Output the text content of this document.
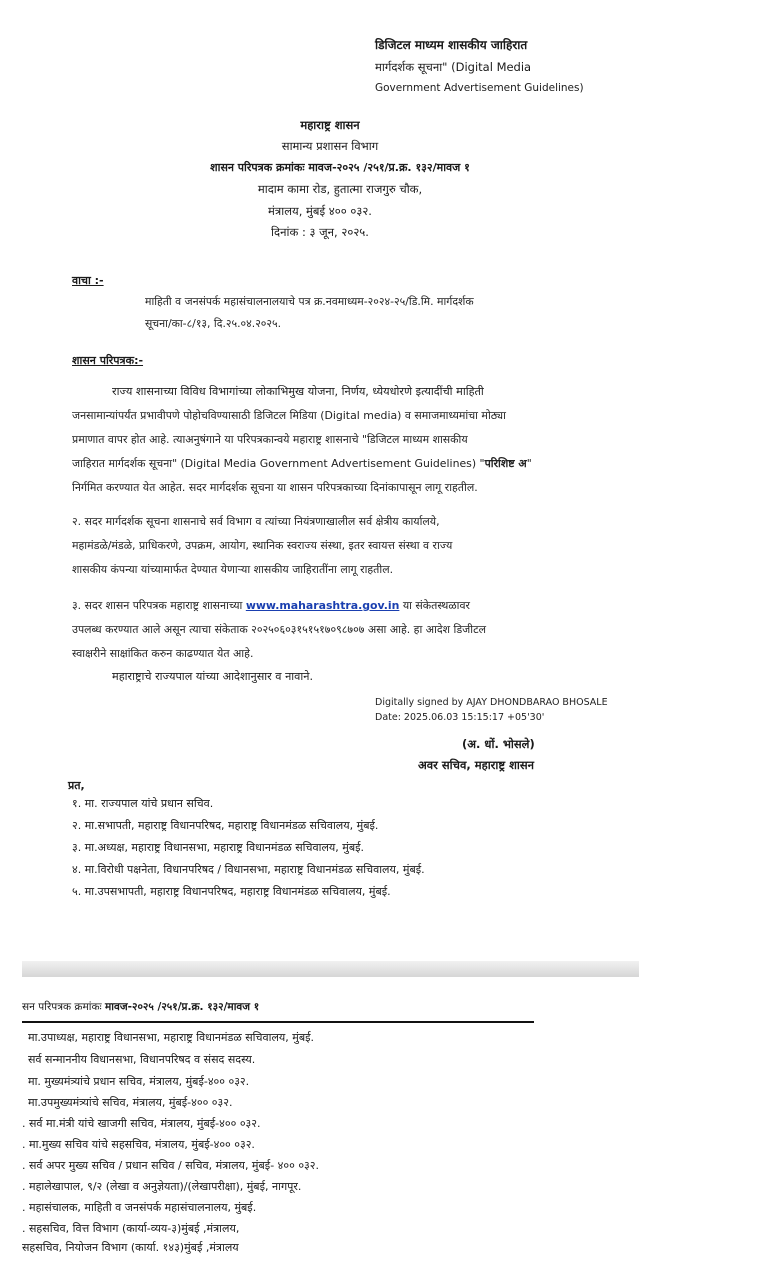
डिजिटल माध्यम शासकीय जाहिरात
मार्गदर्शक सूचना" (Digital Media
Government Advertisement Guidelines)
महाराष्ट्र शासन
सामान्य प्रशासन विभाग
शासन परिपत्रक क्रमांकः मावज-२०२५ /२५१/प्र.क्र. १३२/मावज १
मादाम कामा रोड, हुतात्मा राजगुरु चौक,
मंत्रालय, मुंबई ४०० ०३२.
दिनांक : ३ जून, २०२५.
वाचा :-
माहिती व जनसंपर्क महासंचालनालयाचे पत्र क्र.नवमाध्यम-२०२४-२५/डि.मि. मार्गदर्शक
सूचना/का-८/१३, दि.२५.०४.२०२५.
शासन परिपत्रक:-
राज्य शासनाच्या विविध विभागांच्या लोकाभिमुख योजना, निर्णय, ध्येयधोरणे इत्यादींची माहिती
जनसामान्यांपर्यंत प्रभावीपणे पोहोचविण्यासाठी डिजिटल मिडिया (Digital media) व समाजमाध्यमांचा मोठ्या
प्रमाणात वापर होत आहे. त्याअनुषंगाने या परिपत्रकान्वये महाराष्ट्र शासनाचे "डिजिटल माध्यम शासकीय
जाहिरात मार्गदर्शक सूचना" (Digital Media Government Advertisement Guidelines) "परिशिष्ट अ"
निर्गमित करण्यात येत आहेत. सदर मार्गदर्शक सूचना या शासन परिपत्रकाच्या दिनांकापासून लागू राहतील.
२. सदर मार्गदर्शक सूचना शासनाचे सर्व विभाग व त्यांच्या नियंत्रणाखालील सर्व क्षेत्रीय कार्यालये,
महामंडळे/मंडळे, प्राधिकरणे, उपक्रम, आयोग, स्थानिक स्वराज्य संस्था, इतर स्वायत्त संस्था व राज्य
शासकीय कंपन्या यांच्यामार्फत देण्यात येणाऱ्या शासकीय जाहिरातींना लागू राहतील.
३. सदर शासन परिपत्रक महाराष्ट्र शासनाच्या www.maharashtra.gov.in या संकेतस्थळावर
उपलब्ध करण्यात आले असून त्याचा संकेताक २०२५०६०३१५१५१७०९८७०७ असा आहे. हा आदेश डिजीटल
स्वाक्षरीने साक्षांकित करुन काढण्यात येत आहे.
महाराष्ट्राचे राज्यपाल यांच्या आदेशानुसार व नावाने.
Digitally signed by AJAY DHONDBARAO BHOSALE
Date: 2025.06.03 15:15:17 +05'30'
(अ. धों. भोसले)
अवर सचिव, महाराष्ट्र शासन
प्रत,
१. मा. राज्यपाल यांचे प्रधान सचिव.
२. मा.सभापती, महाराष्ट्र विधानपरिषद, महाराष्ट्र विधानमंडळ सचिवालय, मुंबई.
३. मा.अध्यक्ष, महाराष्ट्र विधानसभा, महाराष्ट्र विधानमंडळ सचिवालय, मुंबई.
४. मा.विरोधी पक्षनेता, विधानपरिषद / विधानसभा, महाराष्ट्र विधानमंडळ सचिवालय, मुंबई.
५. मा.उपसभापती, महाराष्ट्र विधानपरिषद, महाराष्ट्र विधानमंडळ सचिवालय, मुंबई.
सन परिपत्रक क्रमांकः मावज-२०२५ /२५१/प्र.क्र. १३२/मावज १
मा.उपाध्यक्ष, महाराष्ट्र विधानसभा, महाराष्ट्र विधानमंडळ सचिवालय, मुंबई.
सर्व सन्माननीय विधानसभा, विधानपरिषद व संसद सदस्य.
मा. मुख्यमंत्र्यांचे प्रधान सचिव, मंत्रालय, मुंबई-४०० ०३२.
मा.उपमुख्यमंत्र्यांचे सचिव, मंत्रालय, मुंबई-४०० ०३२.
. सर्व मा.मंत्री यांचे खाजगी सचिव, मंत्रालय, मुंबई-४०० ०३२.
. मा.मुख्य सचिव यांचे सहसचिव, मंत्रालय, मुंबई-४०० ०३२.
. सर्व अपर मुख्य सचिव / प्रधान सचिव / सचिव, मंत्रालय, मुंबई- ४०० ०३२.
. महालेखापाल, ९/२ (लेखा व अनुज्ञेयता)/(लेखापरीक्षा), मुंबई, नागपूर.
. महासंचालक, माहिती व जनसंपर्क महासंचालनालय, मुंबई.
. सहसचिव, वित्त विभाग (कार्या-व्यय-३)मुंबई ,मंत्रालय,
सहसचिव, नियोजन विभाग (कार्या. १४३)मुंबई ,मंत्रालय
